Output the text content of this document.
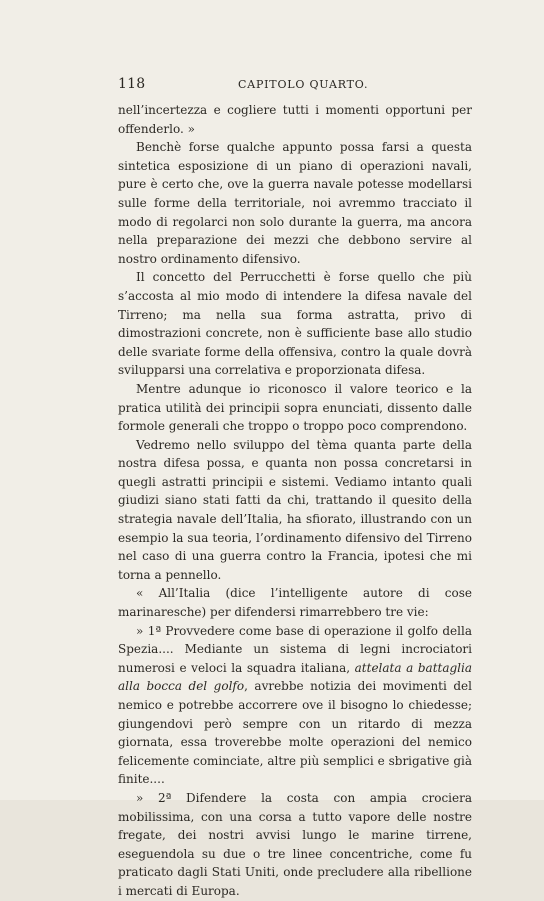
118	CAPITOLO QUARTO.

nell’incertezza e cogliere tutti i momenti opportuni per offenderlo. »

Benchè forse qualche appunto possa farsi a questa sintetica esposizione di un piano di operazioni navali, pure è certo che, ove la guerra navale potesse modellarsi sulle forme della territoriale, noi avremmo tracciato il modo di regolarci non solo durante la guerra, ma ancora nella preparazione dei mezzi che debbono servire al nostro ordinamento difensivo.

Il concetto del Perrucchetti è forse quello che più s’accosta al mio modo di intendere la difesa navale del Tirreno; ma nella sua forma astratta, privo di dimostrazioni concrete, non è sufficiente base allo studio delle svariate forme della offensiva, contro la quale dovrà svilupparsi una correlativa e proporzionata difesa.

Mentre adunque io riconosco il valore teorico e la pratica utilità dei principii sopra enunciati, dissento dalle formole generali che troppo o troppo poco comprendono.

Vedremo nello sviluppo del tèma quanta parte della nostra difesa possa, e quanta non possa concretarsi in quegli astratti principii e sistemi. Vediamo intanto quali giudizi siano stati fatti da chi, trattando il quesito della strategia navale dell’Italia, ha sfiorato, illustrando con un esempio la sua teoria, l’ordinamento difensivo del Tirreno nel caso di una guerra contro la Francia, ipotesi che mi torna a pennello.

« All’Italia (dice l’intelligente autore di cose marinaresche) per difendersi rimarrebbero tre vie:

» 1ª Provvedere come base di operazione il golfo della Spezia.... Mediante un sistema di legni incrociatori numerosi e veloci la squadra italiana, attelata a battaglia alla bocca del golfo, avrebbe notizia dei movimenti del nemico e potrebbe accorrere ove il bisogno lo chiedesse; giungendovi però sempre con un ritardo di mezza giornata, essa troverebbe molte operazioni del nemico felicemente cominciate, altre più semplici e sbrigative già finite....

» 2ª Difendere la costa con ampia crociera mobilissima, con una corsa a tutto vapore delle nostre fregate, dei nostri avvisi lungo le marine tirrene, eseguendola su due o tre linee concentriche, come fu praticato dagli Stati Uniti, onde precludere alla ribellione i mercati di Europa.
